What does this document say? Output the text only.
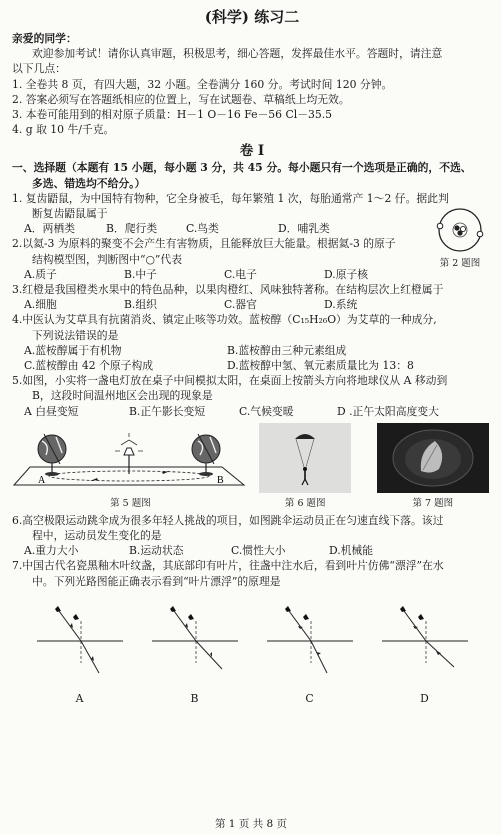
(科学) 练习二

亲爱的同学：

欢迎参加考试！请你认真审题，积极思考，细心答题，发挥最佳水平。答题时，请注意

以下几点：

1. 全卷共 8 页，有四大题，32 小题。全卷满分 160 分。考试时间 120 分钟。

2. 答案必须写在答题纸相应的位置上，写在试题卷、草稿纸上均无效。

3. 本卷可能用到的相对原子质量：H－1 O－16 Fe－56 Cl－35.5

4. g 取 10 牛/千克。

卷 I

一、选择题（本题有 15 小题，每小题 3 分，共 45 分。每小题只有一个选项是正确的，不选、

多选、错选均不给分。）

1. 复齿鼯鼠，为中国特有物种，它全身被毛，每年繁殖 1 次，每胎通常产 1～2 仔。据此判

断复齿鼯鼠属于

A．两栖类	B．爬行类	C.鸟类	D．哺乳类

2.以氦-3 为原料的聚变不会产生有害物质，且能释放巨大能量。根据氦-3 的原子

结构模型图，判断图中“○”代表

A.质子	B.中子	C.电子	D.原子核
第 2 题图

3.红橙是我国橙类水果中的特色品种，以果肉橙红、风味独特著称。在结构层次上红橙属于

A.细胞	B.组织	C.器官	D.系统

4.中医认为艾草具有抗菌消炎、镇定止咳等功效。蓝桉醇（C₁₅H₂₆O）为艾草的一种成分,

下列说法错误的是

A.蓝桉醇属于有机物	B.蓝桉醇由三种元素组成
C.蓝桉醇由 42 个原子构成	D.蓝桉醇中氢、氧元素质量比为 13：8

5.如图，小实将一盏电灯放在桌子中间模拟太阳，在桌面上按箭头方向将地球仪从 A 移动到

B，这段时间温州地区会出现的现象是

A 白昼变短	B.正午影长变短	C.气候变暖	D .正午太阳高度变大
A	B
第 5 题图	第 6 题图	第 7 题图

6.高空极限运动跳伞成为很多年轻人挑战的项目，如图跳伞运动员正在匀速直线下落。该过

程中，运动员发生变化的是

A.重力大小	B.运动状态	C.惯性大小	D.机械能

7.中国古代名瓷黑釉木叶纹盏，其底部印有叶片，往盏中注水后，看到叶片仿佛“漂浮”在水

中。下列光路图能正确表示看到“叶片漂浮”的原理是

A	B	C	D
第 1 页 共 8 页
